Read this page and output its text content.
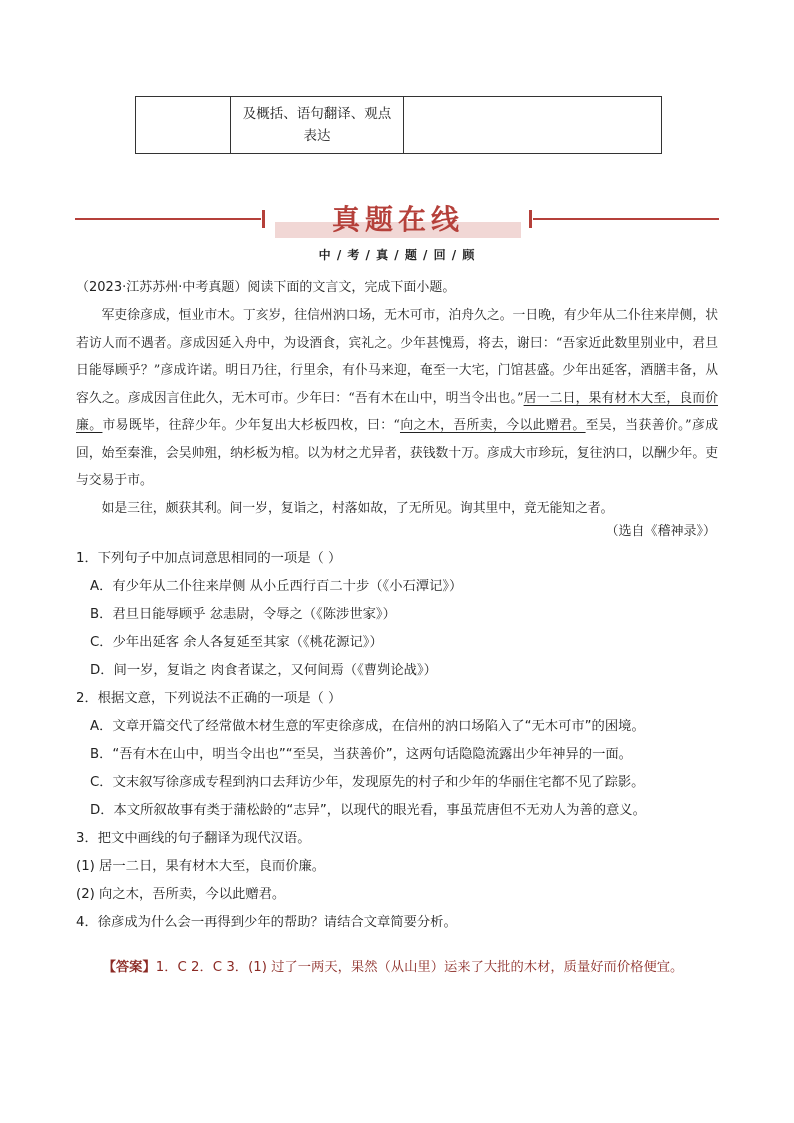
及概括、语句翻译、观点
表达
真题在线
中 / 考 / 真 / 题 / 回 / 顾
（2023·江苏苏州·中考真题）阅读下面的文言文，完成下面小题。

军吏徐彦成，恒业市木。丁亥岁，往信州汭口场，无木可市，泊舟久之。一日晚，有少年从二仆往来岸侧，状若访人而不遇者。彦成因延入舟中，为设酒食，宾礼之。少年甚愧焉，将去，谢曰：“吾家近此数里别业中，君旦日能辱顾乎？”彦成许诺。明日乃往，行里余，有仆马来迎，奄至一大宅，门馆甚盛。少年出延客，酒膳丰备，从容久之。彦成因言住此久，无木可市。少年曰：“吾有木在山中，明当令出也。”居一二日，果有材木大至，良而价廉。市易既毕，往辞少年。少年复出大杉板四枚，曰：“向之木，吾所卖，今以此赠君。至吴，当获善价。”彦成回，始至秦淮，会吴帅殂，纳杉板为棺。以为材之尤异者，获钱数十万。彦成大市珍玩，复往汭口，以酬少年。吏与交易于市。

如是三往，颇获其利。间一岁，复诣之，村落如故，了无所见。询其里中，竟无能知之者。

（选自《稽神录》）

1．下列句子中加点词意思相同的一项是（ ）

A．有少年从二仆往来岸侧 从小丘西行百二十步（《小石潭记》）

B．君旦日能辱顾乎 忿恚尉，令辱之（《陈涉世家》）

C．少年出延客 余人各复延至其家（《桃花源记》）

D．间一岁，复诣之 肉食者谋之，又何间焉（《曹刿论战》）

2．根据文意，下列说法不正确的一项是（ ）

A．文章开篇交代了经常做木材生意的军吏徐彦成，在信州的汭口场陷入了“无木可市”的困境。

B．“吾有木在山中，明当令出也”“至吴，当获善价”，这两句话隐隐流露出少年神异的一面。

C．文末叙写徐彦成专程到汭口去拜访少年，发现原先的村子和少年的华丽住宅都不见了踪影。

D．本文所叙故事有类于蒲松龄的“志异”，以现代的眼光看，事虽荒唐但不无劝人为善的意义。

3．把文中画线的句子翻译为现代汉语。

(1) 居一二日，果有材木大至，良而价廉。

(2) 向之木，吾所卖，今以此赠君。

4．徐彦成为什么会一再得到少年的帮助？请结合文章简要分析。

【答案】1．C 2．C 3．(1) 过了一两天，果然（从山里）运来了大批的木材，质量好而价格便宜。
